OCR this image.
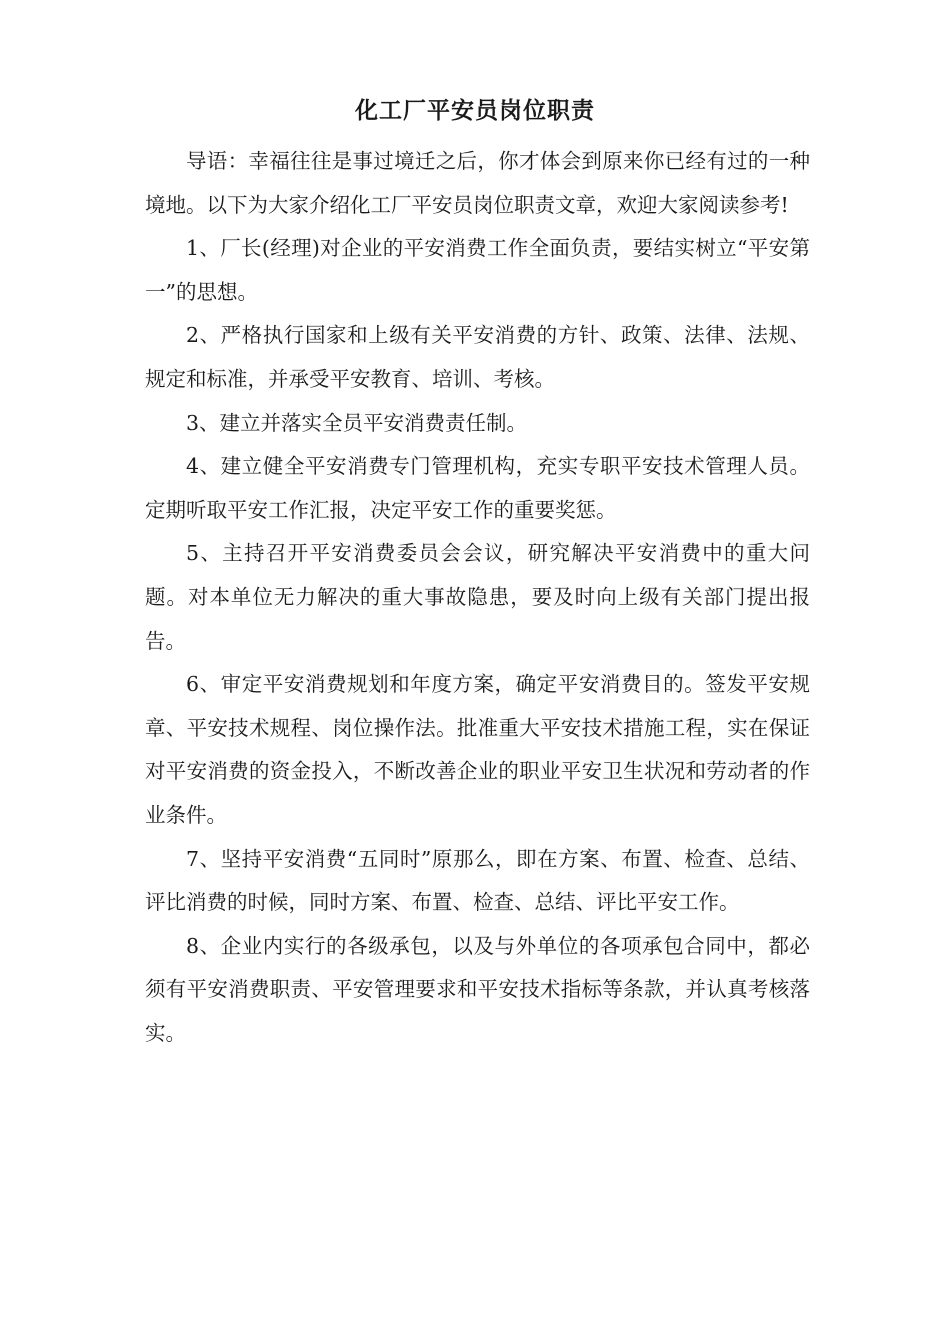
化工厂平安员岗位职责

导语：幸福往往是事过境迁之后，你才体会到原来你已经有过的一种境地。以下为大家介绍化工厂平安员岗位职责文章，欢迎大家阅读参考!

1、厂长(经理)对企业的平安消费工作全面负责，要结实树立“平安第一”的思想。

2、严格执行国家和上级有关平安消费的方针、政策、法律、法规、规定和标准，并承受平安教育、培训、考核。

3、建立并落实全员平安消费责任制。

4、建立健全平安消费专门管理机构，充实专职平安技术管理人员。定期听取平安工作汇报，决定平安工作的重要奖惩。

5、主持召开平安消费委员会会议，研究解决平安消费中的重大问题。对本单位无力解决的重大事故隐患，要及时向上级有关部门提出报告。

6、审定平安消费规划和年度方案，确定平安消费目的。签发平安规章、平安技术规程、岗位操作法。批准重大平安技术措施工程，实在保证对平安消费的资金投入，不断改善企业的职业平安卫生状况和劳动者的作业条件。

7、坚持平安消费“五同时”原那么，即在方案、布置、检查、总结、评比消费的时候，同时方案、布置、检查、总结、评比平安工作。

8、企业内实行的各级承包，以及与外单位的各项承包合同中，都必须有平安消费职责、平安管理要求和平安技术指标等条款，并认真考核落实。
